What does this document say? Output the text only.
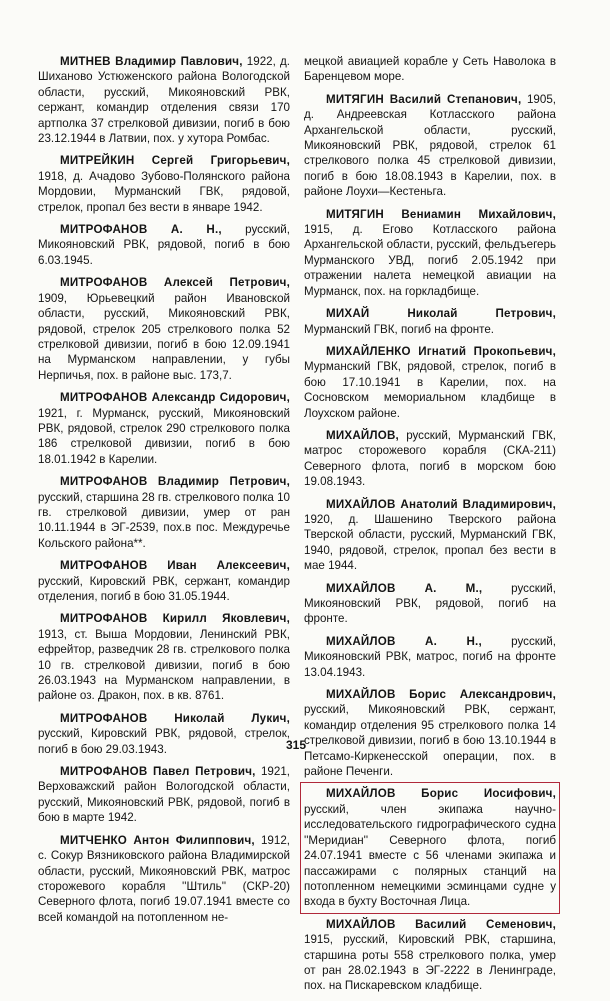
МИТНЕВ Владимир Павлович, 1922, д. Шиханово Устюженского района Вологодской области, русский, Микояновский РВК, сержант, командир отделения связи 170 артполка 37 стрелковой дивизии, погиб в бою 23.12.1944 в Латвии, пох. у хутора Ромбас.

МИТРЕЙКИН Сергей Григорьевич, 1918, д. Ачадово Зубово-Полянского района Мордовии, Мурманский ГВК, рядовой, стрелок, пропал без вести в январе 1942.

МИТРОФАНОВ А. Н., русский, Микояновский РВК, рядовой, погиб в бою 6.03.1945.

МИТРОФАНОВ Алексей Петрович, 1909, Юрьевецкий район Ивановской области, русский, Микояновский РВК, рядовой, стрелок 205 стрелкового полка 52 стрелковой дивизии, погиб в бою 12.09.1941 на Мурманском направлении, у губы Нерпичья, пох. в районе выс. 173,7.

МИТРОФАНОВ Александр Сидорович, 1921, г. Мурманск, русский, Микояновский РВК, рядовой, стрелок 290 стрелкового полка 186 стрелковой дивизии, погиб в бою 18.01.1942 в Карелии.

МИТРОФАНОВ Владимир Петрович, русский, старшина 28 гв. стрелкового полка 10 гв. стрелковой дивизии, умер от ран 10.11.1944 в ЭГ-2539, пох.в пос. Междуречье Кольского района**.

МИТРОФАНОВ Иван Алексеевич, русский, Кировский РВК, сержант, командир отделения, погиб в бою 31.05.1944.

МИТРОФАНОВ Кирилл Яковлевич, 1913, ст. Выша Мордовии, Ленинский РВК, ефрейтор, разведчик 28 гв. стрелкового полка 10 гв. стрелковой дивизии, погиб в бою 26.03.1943 на Мурманском направлении, в районе оз. Дракон, пох. в кв. 8761.

МИТРОФАНОВ Николай Лукич, русский, Кировский РВК, рядовой, стрелок, погиб в бою 29.03.1943.

МИТРОФАНОВ Павел Петрович, 1921, Верховажский район Вологодской области, русский, Микояновский РВК, рядовой, погиб в бою в марте 1942.

МИТЧЕНКО Антон Филиппович, 1912, с. Сокур Вязниковского района Владимирской области, русский, Микояновский РВК, матрос сторожевого корабля ''Штиль'' (СКР-20) Северного флота, погиб 19.07.1941 вместе со всей командой на потопленном не-

мецкой авиацией корабле у Сеть Наволока в Баренцевом море.

МИТЯГИН Василий Степанович, 1905, д. Андреевская Котласского района Архангельской области, русский, Микояновский РВК, рядовой, стрелок 61 стрелкового полка 45 стрелковой дивизии, погиб в бою 18.08.1943 в Карелии, пох. в районе Лоухи—Кестеньга.

МИТЯГИН Вениамин Михайлович, 1915, д. Егово Котласского района Архангельской области, русский, фельдъегерь Мурманского УВД, погиб 2.05.1942 при отражении налета немецкой авиации на Мурманск, пох. на горкладбище.

МИХАЙ Николай Петрович, Мурманский ГВК, погиб на фронте.

МИХАЙЛЕНКО Игнатий Прокопьевич, Мурманский ГВК, рядовой, стрелок, погиб в бою 17.10.1941 в Карелии, пох. на Сосновском мемориальном кладбище в Лоухском районе.

МИХАЙЛОВ, русский, Мурманский ГВК, матрос сторожевого корабля (СКА-211) Северного флота, погиб в морском бою 19.08.1943.

МИХАЙЛОВ Анатолий Владимирович, 1920, д. Шашенино Тверского района Тверской области, русский, Мурманский ГВК, 1940, рядовой, стрелок, пропал без вести в мае 1944.

МИХАЙЛОВ А. М., русский, Микояновский РВК, рядовой, погиб на фронте.

МИХАЙЛОВ А. Н., русский, Микояновский РВК, матрос, погиб на фронте 13.04.1943.

МИХАЙЛОВ Борис Александрович, русский, Микояновский РВК, сержант, командир отделения 95 стрелкового полка 14 стрелковой дивизии, погиб в бою 13.10.1944 в Петсамо-Киркенесской операции, пох. в районе Печенги.

МИХАЙЛОВ Борис Иосифович, русский, член экипажа научно-исследовательского гидрографического судна ''Меридиан'' Северного флота, погиб 24.07.1941 вместе с 56 членами экипажа и пассажирами с полярных станций на потопленном немецкими эсминцами судне у входа в бухту Восточная Лица.

МИХАЙЛОВ Василий Семенович, 1915, русский, Кировский РВК, старшина, старшина роты 558 стрелкового полка, умер от ран 28.02.1943 в ЭГ-2222 в Ленинграде, пох. на Пискаревском кладбище.

315
